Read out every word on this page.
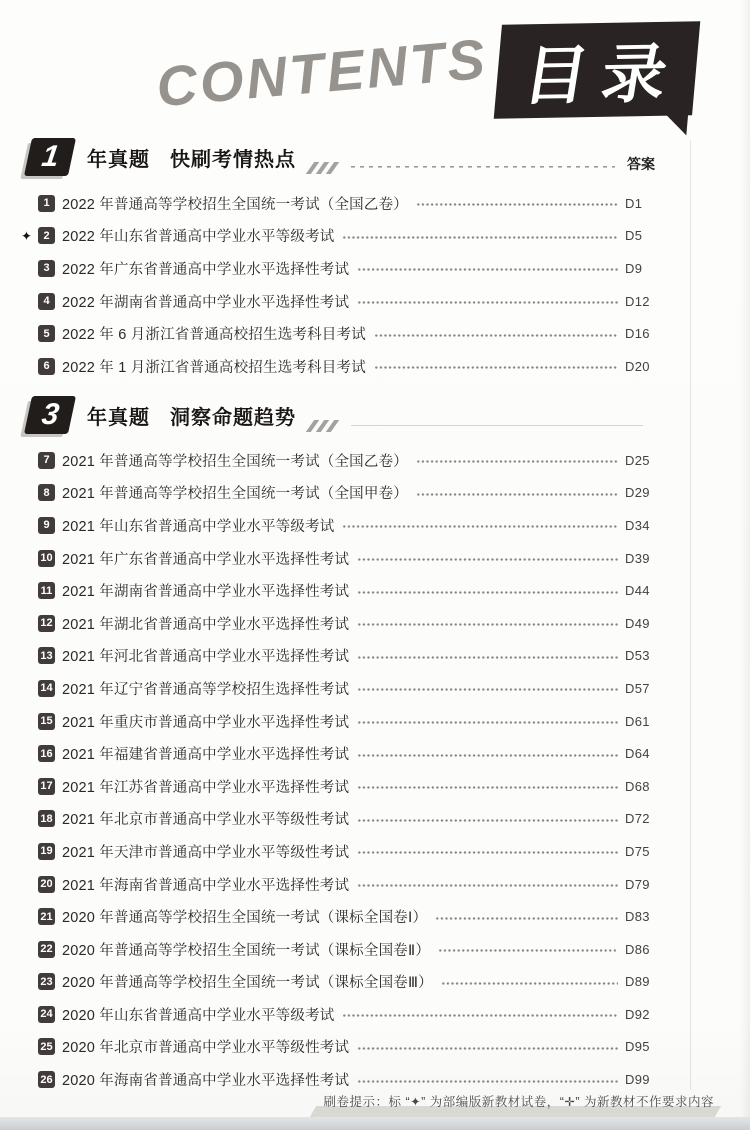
CONTENTS 目录
1 年真题 快刷考情热点	答案
1 2022 年普通高等学校招生全国统一考试（全国乙卷）	D1
✦	2 2022 年山东省普通高中学业水平等级考试	D5
3 2022 年广东省普通高中学业水平选择性考试	D9
4 2022 年湖南省普通高中学业水平选择性考试	D12
5 2022 年 6 月浙江省普通高校招生选考科目考试	D16
6 2022 年 1 月浙江省普通高校招生选考科目考试	D20
3 年真题 洞察命题趋势
7 2021 年普通高等学校招生全国统一考试（全国乙卷）	D25
8 2021 年普通高等学校招生全国统一考试（全国甲卷）	D29
9 2021 年山东省普通高中学业水平等级考试	D34
10 2021 年广东省普通高中学业水平选择性考试	D39
11 2021 年湖南省普通高中学业水平选择性考试	D44
12 2021 年湖北省普通高中学业水平选择性考试	D49
13 2021 年河北省普通高中学业水平选择性考试	D53
14 2021 年辽宁省普通高等学校招生选择性考试	D57
15 2021 年重庆市普通高中学业水平选择性考试	D61
16 2021 年福建省普通高中学业水平选择性考试	D64
17 2021 年江苏省普通高中学业水平选择性考试	D68
18 2021 年北京市普通高中学业水平等级性考试	D72
19 2021 年天津市普通高中学业水平等级性考试	D75
20 2021 年海南省普通高中学业水平选择性考试	D79
21 2020 年普通高等学校招生全国统一考试（课标全国卷Ⅰ）	D83
22 2020 年普通高等学校招生全国统一考试（课标全国卷Ⅱ）	D86
23 2020 年普通高等学校招生全国统一考试（课标全国卷Ⅲ）	D89
24 2020 年山东省普通高中学业水平等级考试	D92
25 2020 年北京市普通高中学业水平等级性考试	D95
26 2020 年海南省普通高中学业水平选择性考试	D99
刷卷提示：标 “✦” 为部编版新教材试卷，“✛” 为新教材不作要求内容
